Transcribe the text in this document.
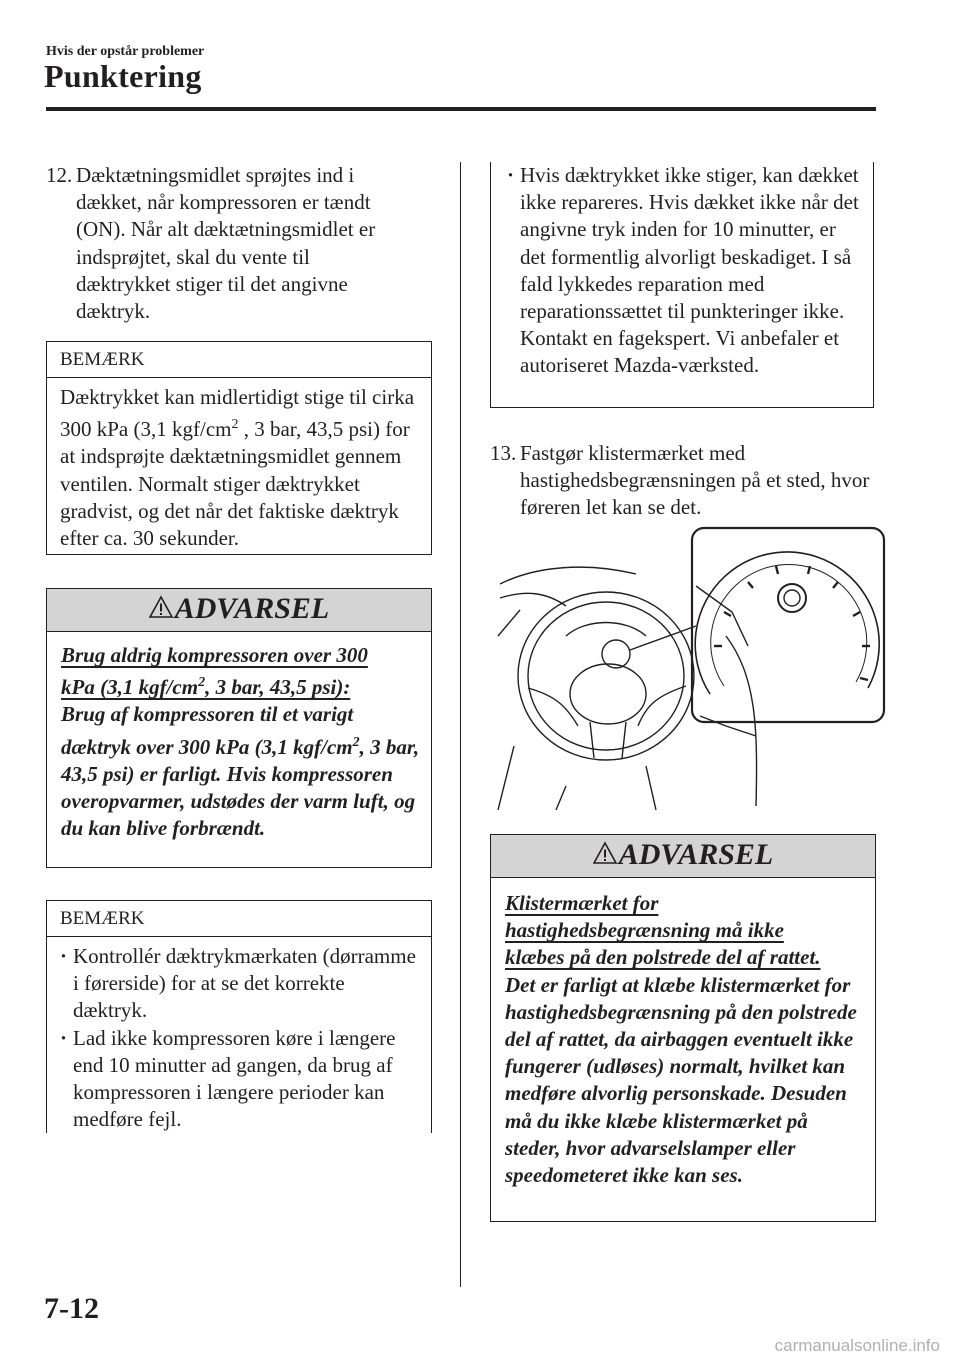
Hvis der opstår problemer
Punktering
12. Dæktætningsmidlet sprøjtes ind i dækket, når kompressoren er tændt (ON). Når alt dæktætningsmidlet er indsprøjtet, skal du vente til dæktrykket stiger til det angivne dæktryk.
BEMÆRK
Dæktrykket kan midlertidigt stige til cirka 300 kPa (3,1 kgf/$cm^2$ , 3 bar, 43,5 psi) for at indsprøjte dæktætningsmidlet gennem ventilen. Normalt stiger dæktrykket gradvist, og det når det faktiske dæktryk efter ca. 30 sekunder.
ADVARSEL
Brug aldrig kompressoren over 300
kPa (3,1 kgf/$cm^2$, 3 bar, 43,5 psi):
Brug af kompressoren til et varigt dæktryk over 300 kPa (3,1 kgf/$cm^2$, 3 bar, 43,5 psi) er farligt. Hvis kompressoren overopvarmer, udstødes der varm luft, og du kan blive forbrændt.
BEMÆRK
· Kontrollér dæktrykmærkaten (dørramme i førerside) for at se det korrekte dæktryk.
· Lad ikke kompressoren køre i længere end 10 minutter ad gangen, da brug af kompressoren i længere perioder kan medføre fejl.
· Hvis dæktrykket ikke stiger, kan dækket ikke repareres. Hvis dækket ikke når det angivne tryk inden for 10 minutter, er det formentlig alvorligt beskadiget. I så fald lykkedes reparation med reparationssættet til punkteringer ikke. Kontakt en fagekspert. Vi anbefaler et autoriseret Mazda-værksted.
13. Fastgør klistermærket med hastighedsbegrænsningen på et sted, hvor føreren let kan se det.
ADVARSEL
Klistermærket for
hastighedsbegrænsning må ikke
klæbes på den polstrede del af rattet.
Det er farligt at klæbe klistermærket for hastighedsbegrænsning på den polstrede del af rattet, da airbaggen eventuelt ikke fungerer (udløses) normalt, hvilket kan medføre alvorlig personskade. Desuden må du ikke klæbe klistermærket på steder, hvor advarselslamper eller speedometeret ikke kan ses.
7-12
carmanualsonline.info
